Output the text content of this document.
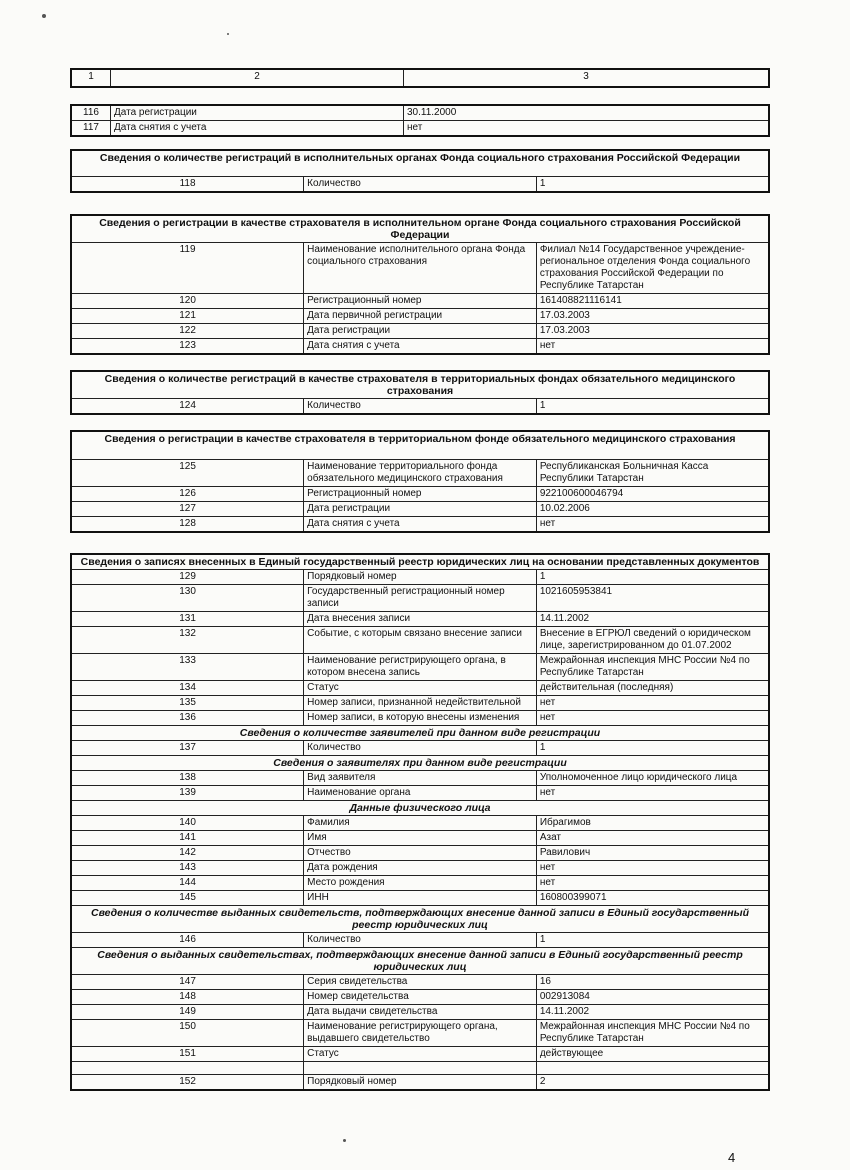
1	2	3
116	Дата регистрации	30.11.2000
117	Дата снятия с учета	нет
Сведения о количестве регистраций в исполнительных органах Фонда социального страхования Российской Федерации
118	Количество	1
Сведения о регистрации в качестве страхователя в исполнительном органе Фонда социального страхования Российской Федерации		
119	Наименование исполнительного органа Фонда социального страхования	Филиал №14 Государственное учреждение-региональное отделения Фонда социального страхования Российской Федерации по Республике Татарстан
120	Регистрационный номер	161408821116141
121	Дата первичной регистрации	17.03.2003
122	Дата регистрации	17.03.2003
123	Дата снятия с учета	нет
Сведения о количестве регистраций в качестве страхователя в территориальных фондах обязательного медицинского страхования
124	Количество	1
Сведения о регистрации в качестве страхователя в территориальном фонде обязательного медицинского страхования		
125	Наименование территориального фонда обязательного медицинского страхования	Республиканская Больничная Касса Республики Татарстан
126	Регистрационный номер	922100600046794
127	Дата регистрации	10.02.2006
128	Дата снятия с учета	нет
Сведения о записях внесенных в Единый государственный реестр юридических лиц на основании представленных документов		
129	Порядковый номер	1
130	Государственный регистрационный номер записи	1021605953841
131	Дата внесения записи	14.11.2002
132	Событие, с которым связано внесение записи	Внесение в ЕГРЮЛ сведений о юридическом лице, зарегистрированном до 01.07.2002
133	Наименование регистрирующего органа, в котором внесена запись	Межрайонная инспекция МНС России №4 по Республике Татарстан
134	Статус	действительная (последняя)
135	Номер записи, признанной недействительной	нет
136	Номер записи, в которую внесены изменения	нет
Сведения о количестве заявителей при данном виде регистрации		
137	Количество	1
Сведения о заявителях при данном виде регистрации		
138	Вид заявителя	Уполномоченное лицо юридического лица
139	Наименование органа	нет
Данные физического лица		
140	Фамилия	Ибрагимов
141	Имя	Азат
142	Отчество	Равилович
143	Дата рождения	нет
144	Место рождения	нет
145	ИНН	160800399071
Сведения о количестве выданных свидетельств, подтверждающих внесение данной записи в Единый государственный реестр юридических лиц		
146	Количество	1
Сведения о выданных свидетельствах, подтверждающих внесение данной записи в Единый государственный реестр юридических лиц		
147	Серия свидетельства	16
148	Номер свидетельства	002913084
149	Дата выдачи свидетельства	14.11.2002
150	Наименование регистрирующего органа, выдавшего свидетельство	Межрайонная инспекция МНС России №4 по Республике Татарстан
151	Статус	действующее

152	Порядковый номер	2
4
